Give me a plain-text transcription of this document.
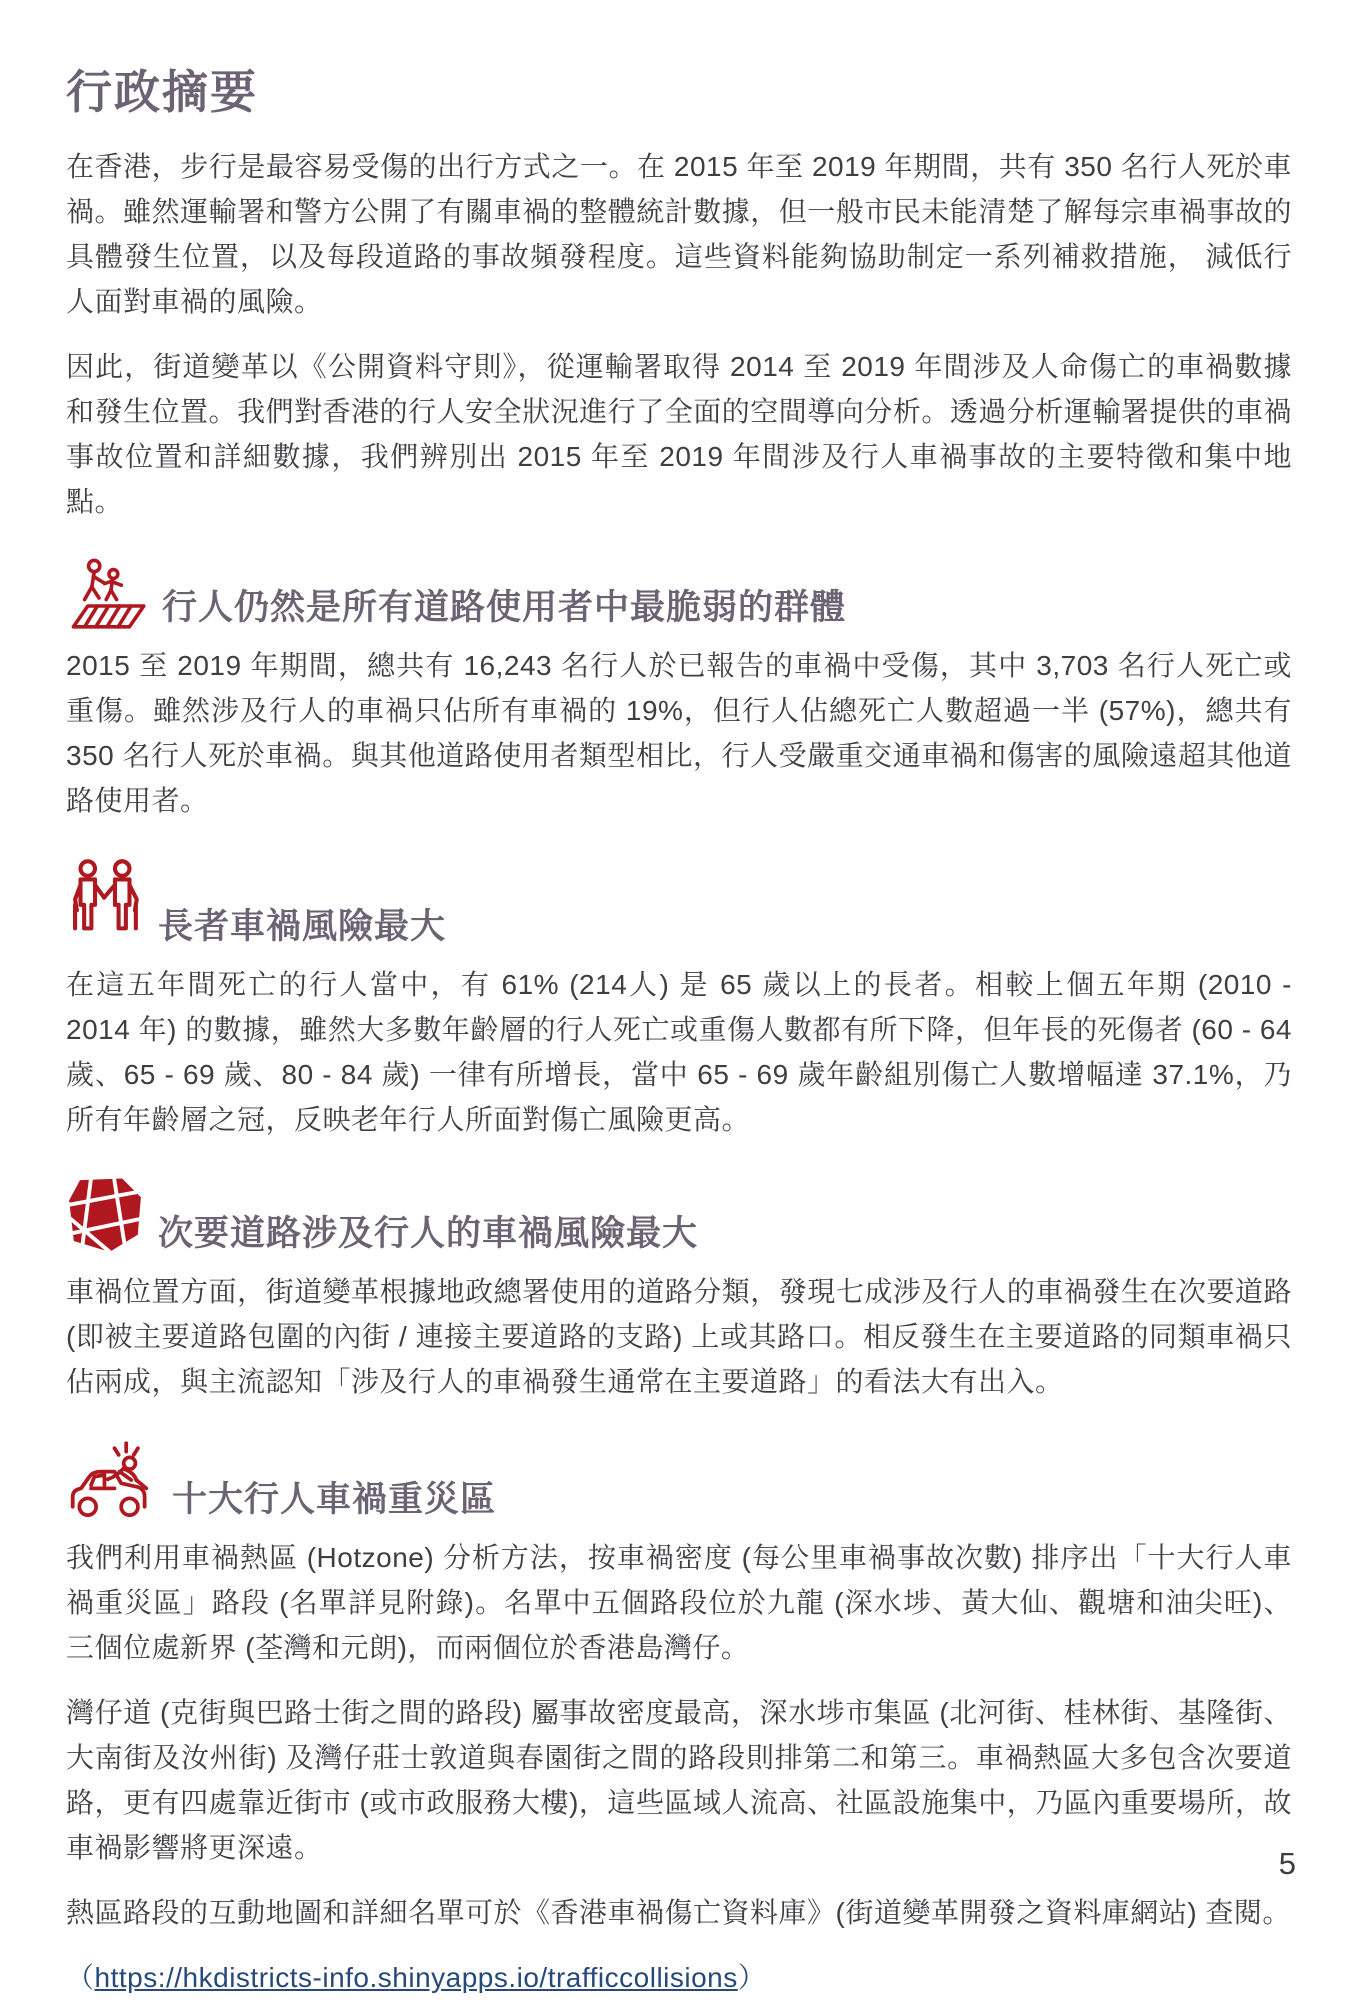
行政摘要

在香港，步行是最容易受傷的出行方式之一。在 2015 年至 2019 年期間，共有 350 名行人死於車禍。雖然運輸署和警方公開了有關車禍的整體統計數據，但一般市民未能清楚了解每宗車禍事故的具體發生位置，以及每段道路的事故頻發程度。這些資料能夠協助制定一系列補救措施， 減低行人面對車禍的風險。

因此，街道變革以《公開資料守則》，從運輸署取得 2014 至 2019 年間涉及人命傷亡的車禍數據和發生位置。我們對香港的行人安全狀況進行了全面的空間導向分析。透過分析運輸署提供的車禍事故位置和詳細數據，我們辨別出 2015 年至 2019 年間涉及行人車禍事故的主要特徵和集中地點。

行人仍然是所有道路使用者中最脆弱的群體

2015 至 2019 年期間，總共有 16,243 名行人於已報告的車禍中受傷，其中 3,703 名行人死亡或重傷。雖然涉及行人的車禍只佔所有車禍的 19%，但行人佔總死亡人數超過一半 (57%)，總共有 350 名行人死於車禍。與其他道路使用者類型相比，行人受嚴重交通車禍和傷害的風險遠超其他道路使用者。

長者車禍風險最大

在這五年間死亡的行人當中，有 61% (214人) 是 65 歲以上的長者。相較上個五年期 (2010 - 2014 年) 的數據，雖然大多數年齡層的行人死亡或重傷人數都有所下降，但年長的死傷者 (60 - 64 歲、65 - 69 歲、80 - 84 歲) 一律有所增長，當中 65 - 69 歲年齡組別傷亡人數增幅達 37.1%，乃所有年齡層之冠，反映老年行人所面對傷亡風險更高。

次要道路涉及行人的車禍風險最大

車禍位置方面，街道變革根據地政總署使用的道路分類，發現七成涉及行人的車禍發生在次要道路 (即被主要道路包圍的內街 / 連接主要道路的支路) 上或其路口。相反發生在主要道路的同類車禍只佔兩成，與主流認知「涉及行人的車禍發生通常在主要道路」的看法大有出入。

十大行人車禍重災區

我們利用車禍熱區 (Hotzone) 分析方法，按車禍密度 (每公里車禍事故次數) 排序出「十大行人車禍重災區」路段 (名單詳見附錄)。名單中五個路段位於九龍 (深水埗、黃大仙、觀塘和油尖旺)、 三個位處新界 (荃灣和元朗)，而兩個位於香港島灣仔。

灣仔道 (克街與巴路士街之間的路段) 屬事故密度最高，深水埗市集區 (北河街、桂林街、基隆街、大南街及汝州街) 及灣仔莊士敦道與春園街之間的路段則排第二和第三。車禍熱區大多包含次要道路，更有四處靠近街市 (或市政服務大樓)，這些區域人流高、社區設施集中，乃區內重要場所，故車禍影響將更深遠。

熱區路段的互動地圖和詳細名單可於《香港車禍傷亡資料庫》(街道變革開發之資料庫網站) 查閱。

（https://hkdistricts-info.shinyapps.io/trafficcollisions）
5
